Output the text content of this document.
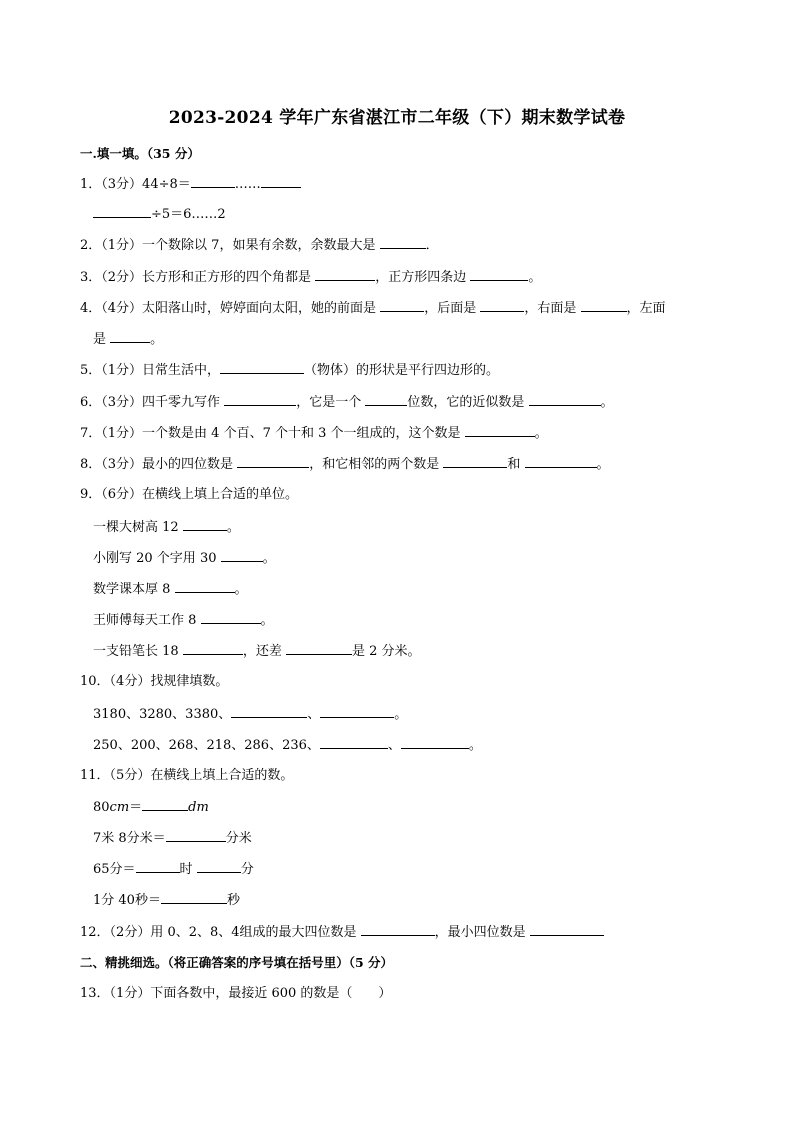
2023-2024 学年广东省湛江市二年级（下）期末数学试卷
一.填一填。（35 分）
1．（3分）44÷8＝	……
÷5＝6……2
2．（1分）一个数除以 7，如果有余数，余数最大是	．
3．（2分）长方形和正方形的四个角都是	，正方形四条边	。
4．（4分）太阳落山时，婷婷面向太阳，她的前面是	，后面是	，右面是	，左面
是	。
5．（1分）日常生活中，	（物体）的形状是平行四边形的。
6．（3分）四千零九写作	，它是一个	位数，它的近似数是	。
7．（1分）一个数是由 4 个百、7 个十和 3 个一组成的，这个数是	。
8．（3分）最小的四位数是	，和它相邻的两个数是	和	。
9．（6分）在横线上填上合适的单位。
一棵大树高 12	。
小刚写 20 个字用 30	。
数学课本厚 8	。
王师傅每天工作 8	。
一支铅笔长 18	，还差	是 2 分米。
10．（4分）找规律填数。
3180、3280、3380、	、	。
250、200、268、218、286、236、	、	。
11．（5分）在横线上填上合适的数。
80cm＝	dm
7米 8分米＝	分米
65分＝	时	分
1分 40秒＝	秒
12．（2分）用 0、2、8、4组成的最大四位数是	，最小四位数是
二、精挑细选。（将正确答案的序号填在括号里）（5 分）
13．（1分）下面各数中，最接近 600 的数是（　　）
